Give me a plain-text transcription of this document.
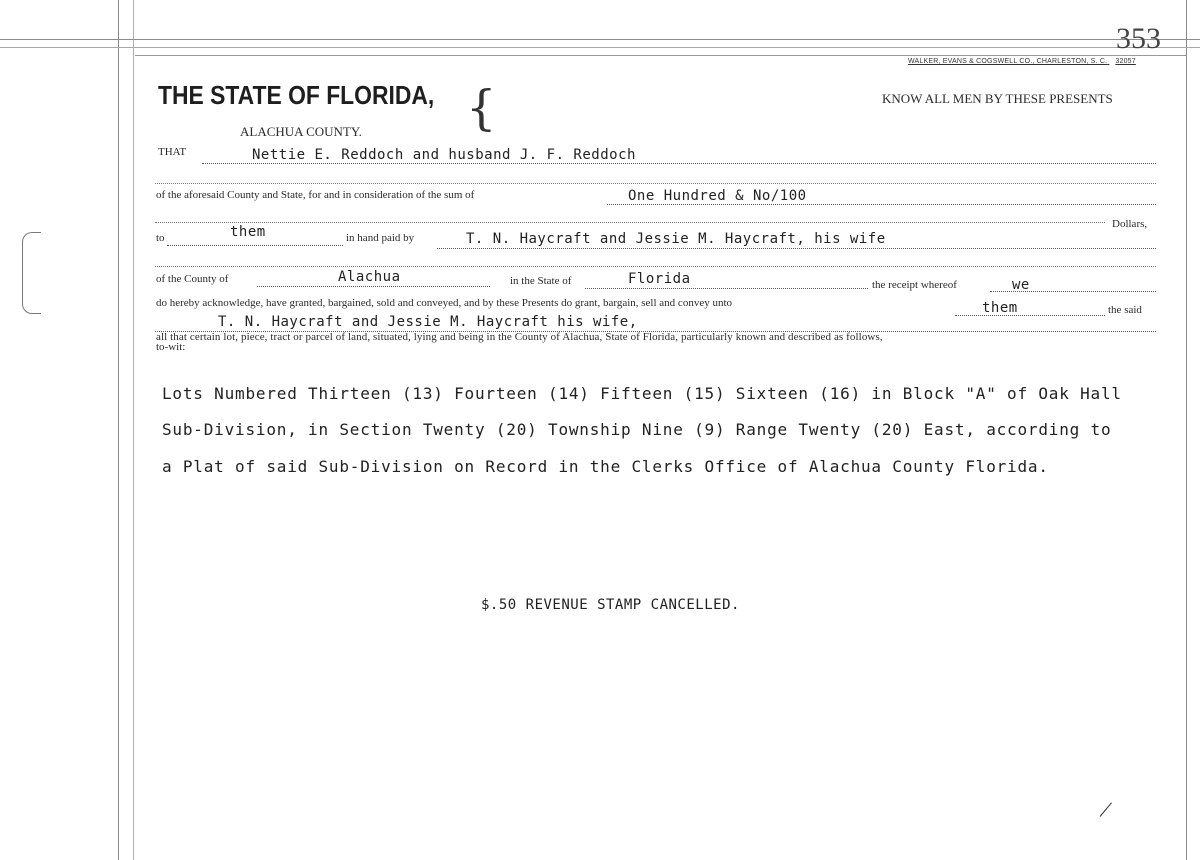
353
WALKER, EVANS & COGSWELL CO., CHARLESTON, S. C. 32057
THE STATE OF FLORIDA, {
ALACHUA COUNTY.
KNOW ALL MEN BY THESE PRESENTS
THAT	Nettie E. Reddoch and husband J. F. Reddoch
of the aforesaid County and State, for and in consideration of the sum of	One Hundred & No/100
Dollars,
to	them	in hand paid by	T. N. Haycraft and Jessie M. Haycraft, his wife
of the County of	Alachua	in the State of	Florida	the receipt whereof	we
do hereby acknowledge, have granted, bargained, sold and conveyed, and by these Presents do grant, bargain, sell and convey unto	them	the said
T. N. Haycraft and Jessie M. Haycraft his wife,
all that certain lot, piece, tract or parcel of land, situated, lying and being in the County of Alachua, State of Florida, particularly known and described as follows,
to-wit:
Lots Numbered Thirteen (13) Fourteen (14) Fifteen (15) Sixteen (16) in Block "A" of Oak Hall
Sub-Division, in Section Twenty (20) Township Nine (9) Range Twenty (20) East, according to
a Plat of said Sub-Division on Record in the Clerks Office of Alachua County Florida.
$.50 REVENUE STAMP CANCELLED.
